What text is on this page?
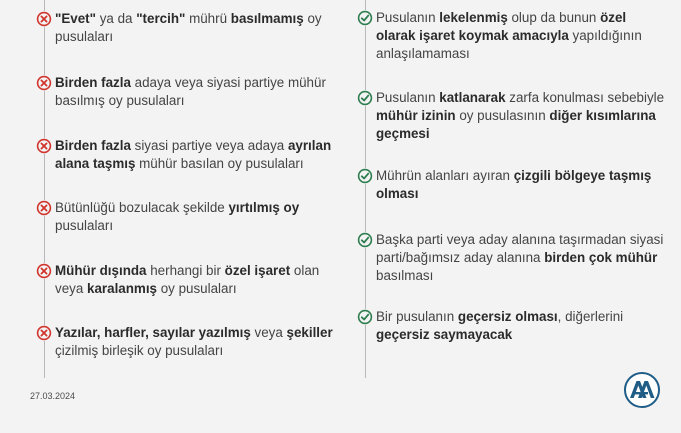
"Evet" ya da "tercih" mührü basılmamış oy pusulaları
Birden fazla adaya veya siyasi partiye mühür basılmış oy pusulaları
Birden fazla siyasi partiye veya adaya ayrılan alana taşmış mühür basılan oy pusulaları
Bütünlüğü bozulacak şekilde yırtılmış oy pusulaları
Mühür dışında herhangi bir özel işaret olan veya karalanmış oy pusulaları
Yazılar, harfler, sayılar yazılmış veya şekiller çizilmiş birleşik oy pusulaları
Pusulanın lekelenmiş olup da bunun özel olarak işaret koymak amacıyla yapıldığının anlaşılamaması
Pusulanın katlanarak zarfa konulması sebebiyle mühür izinin oy pusulasının diğer kısımlarına geçmesi
Mührün alanları ayıran çizgili bölgeye taşmış olması
Başka parti veya aday alanına taşırmadan siyasi parti/bağımsız aday alanına birden çok mühür basılması
Bir pusulanın geçersiz olması, diğerlerini geçersiz saymayacak
27.03.2024
